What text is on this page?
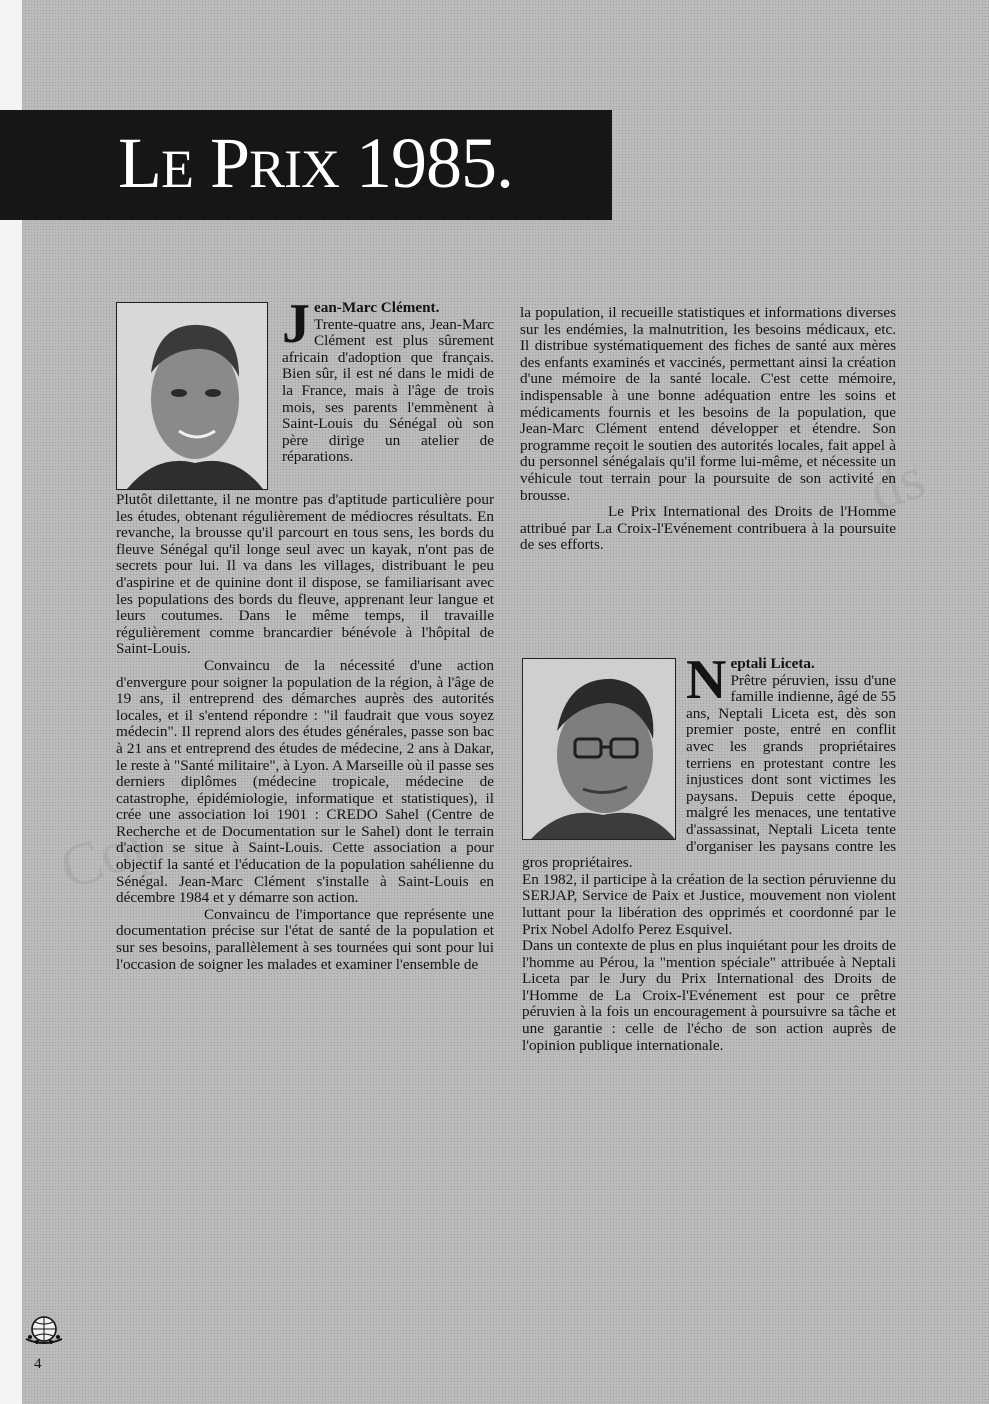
Cop
ds
LE PRIX 1985.

Jean-Marc Clément.
Trente-quatre ans, Jean-Marc Clément est plus sûrement africain d'adoption que français. Bien sûr, il est né dans le midi de la France, mais à l'âge de trois mois, ses parents l'emmènent à Saint-Louis du Sénégal où son père dirige un atelier de réparations.

Plutôt dilettante, il ne montre pas d'aptitude particulière pour les études, obtenant régulièrement de médiocres résultats. En revanche, la brousse qu'il parcourt en tous sens, les bords du fleuve Sénégal qu'il longe seul avec un kayak, n'ont pas de secrets pour lui. Il va dans les villages, distribuant le peu d'aspirine et de quinine dont il dispose, se familiarisant avec les populations des bords du fleuve, apprenant leur langue et leurs coutumes. Dans le même temps, il travaille régulièrement comme brancardier bénévole à l'hôpital de Saint-Louis.

Convaincu de la nécessité d'une action d'envergure pour soigner la population de la région, à l'âge de 19 ans, il entreprend des démarches auprès des autorités locales, et il s'entend répondre : "il faudrait que vous soyez médecin". Il reprend alors des études générales, passe son bac à 21 ans et entreprend des études de médecine, 2 ans à Dakar, le reste à "Santé militaire", à Lyon. A Marseille où il passe ses derniers diplômes (médecine tropicale, médecine de catastrophe, épidémiologie, informatique et statistiques), il crée une association loi 1901 : CREDO Sahel (Centre de Recherche et de Documentation sur le Sahel) dont le terrain d'action se situe à Saint-Louis. Cette association a pour objectif la santé et l'éducation de la population sahélienne du Sénégal. Jean-Marc Clément s'installe à Saint-Louis en décembre 1984 et y démarre son action.

Convaincu de l'importance que représente une documentation précise sur l'état de santé de la population et sur ses besoins, parallèlement à ses tournées qui sont pour lui l'occasion de soigner les malades et examiner l'ensemble de

la population, il recueille statistiques et informations diverses sur les endémies, la malnutrition, les besoins médicaux, etc. Il distribue systématiquement des fiches de santé aux mères des enfants examinés et vaccinés, permettant ainsi la création d'une mémoire de la santé locale. C'est cette mémoire, indispensable à une bonne adéquation entre les soins et médicaments fournis et les besoins de la population, que Jean-Marc Clément entend développer et étendre. Son programme reçoit le soutien des autorités locales, fait appel à du personnel sénégalais qu'il forme lui-même, et nécessite un véhicule tout terrain pour la poursuite de son activité en brousse.

Le Prix International des Droits de l'Homme attribué par La Croix-l'Evénement contribuera à la poursuite de ses efforts.

Neptali Liceta.
Prêtre péruvien, issu d'une famille indienne, âgé de 55 ans, Neptali Liceta est, dès son premier poste, entré en conflit avec les grands propriétaires terriens en protestant contre les injustices dont sont victimes les paysans. Depuis cette époque, malgré les menaces, une tentative d'assassinat, Neptali Liceta tente d'organiser les paysans contre les gros propriétaires.

En 1982, il participe à la création de la section péruvienne du SERJAP, Service de Paix et Justice, mouvement non violent luttant pour la libération des opprimés et coordonné par le Prix Nobel Adolfo Perez Esquivel.

Dans un contexte de plus en plus inquiétant pour les droits de l'homme au Pérou, la "mention spéciale" attribuée à Neptali Liceta par le Jury du Prix International des Droits de l'Homme de La Croix-l'Evénement est pour ce prêtre péruvien à la fois un encouragement à poursuivre sa tâche et une garantie : celle de l'écho de son action auprès de l'opinion publique internationale.

4
